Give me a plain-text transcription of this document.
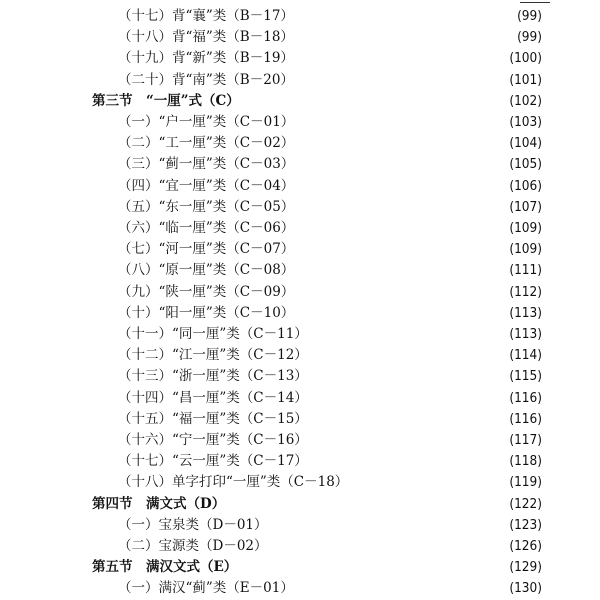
（十七）背“襄”类（B－17）	(99)
（十八）背“福”类（B－18）	(99)
（十九）背“新”类（B－19）	(100)
（二十）背“南”类（B－20）	(101)
第三节　“一厘”式（C）	(102)
（一）“户一厘”类（C－01）	(103)
（二）“工一厘”类（C－02）	(104)
（三）“蓟一厘”类（C－03）	(105)
（四）“宜一厘”类（C－04）	(106)
（五）“东一厘”类（C－05）	(107)
（六）“临一厘”类（C－06）	(109)
（七）“河一厘”类（C－07）	(109)
（八）“原一厘”类（C－08）	(111)
（九）“陕一厘”类（C－09）	(112)
（十）“阳一厘”类（C－10）	(113)
（十一）“同一厘”类（C－11）	(113)
（十二）“江一厘”类（C－12）	(114)
（十三）“浙一厘”类（C－13）	(115)
（十四）“昌一厘”类（C－14）	(116)
（十五）“福一厘”类（C－15）	(116)
（十六）“宁一厘”类（C－16）	(117)
（十七）“云一厘”类（C－17）	(118)
（十八）单字打印“一厘”类（C－18）	(119)
第四节　满文式（D）	(122)
（一）宝泉类（D－01）	(123)
（二）宝源类（D－02）	(126)
第五节　满汉文式（E）	(129)
（一）满汉“蓟”类（E－01）	(130)
